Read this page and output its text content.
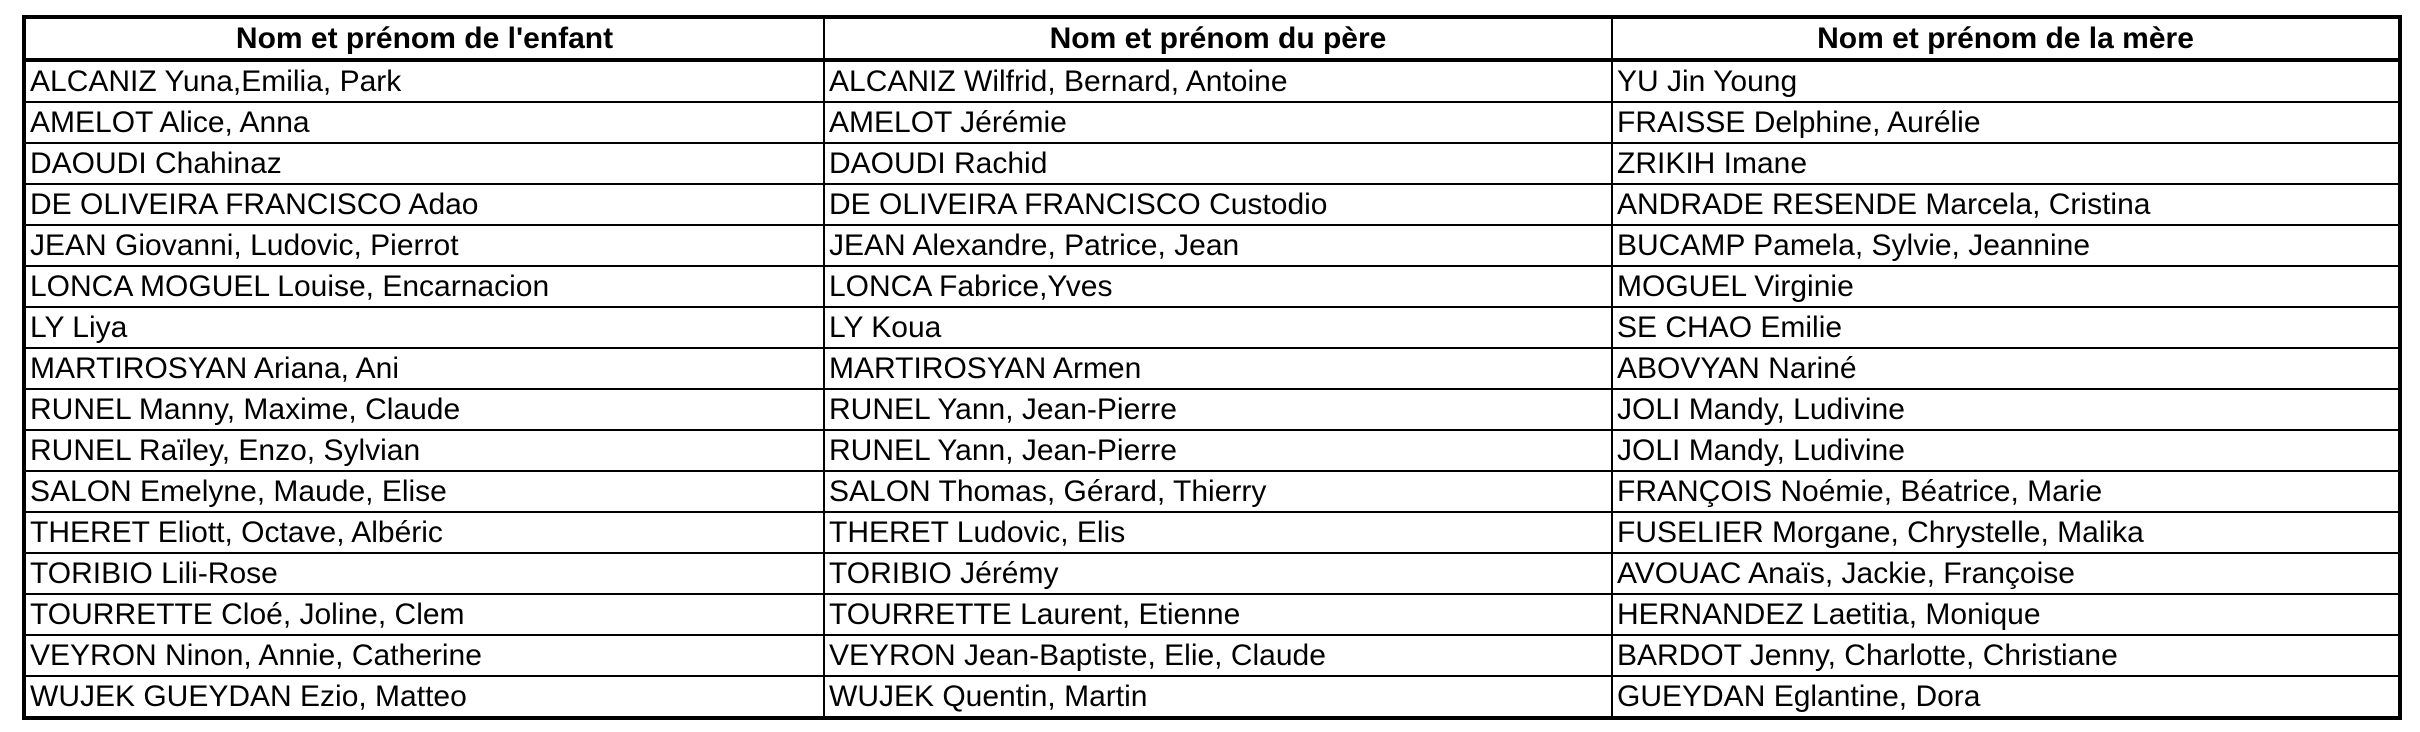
Nom et prénom de l'enfant	Nom et prénom du père	Nom et prénom de la mère
ALCANIZ Yuna,Emilia, Park	ALCANIZ Wilfrid, Bernard, Antoine	YU Jin Young
AMELOT Alice, Anna	AMELOT Jérémie	FRAISSE Delphine, Aurélie
DAOUDI Chahinaz	DAOUDI Rachid	ZRIKIH Imane
DE OLIVEIRA FRANCISCO Adao	DE OLIVEIRA FRANCISCO Custodio	ANDRADE RESENDE Marcela, Cristina
JEAN Giovanni, Ludovic, Pierrot	JEAN Alexandre, Patrice, Jean	BUCAMP Pamela, Sylvie, Jeannine
LONCA MOGUEL Louise, Encarnacion	LONCA Fabrice,Yves	MOGUEL Virginie
LY Liya	LY Koua	SE CHAO Emilie
MARTIROSYAN Ariana, Ani	MARTIROSYAN Armen	ABOVYAN Nariné
RUNEL Manny, Maxime, Claude	RUNEL Yann, Jean-Pierre	JOLI Mandy, Ludivine
RUNEL Raïley, Enzo, Sylvian	RUNEL Yann, Jean-Pierre	JOLI Mandy, Ludivine
SALON Emelyne, Maude, Elise	SALON Thomas, Gérard, Thierry	FRANÇOIS Noémie, Béatrice, Marie
THERET Eliott, Octave, Albéric	THERET Ludovic, Elis	FUSELIER Morgane, Chrystelle, Malika
TORIBIO Lili-Rose	TORIBIO Jérémy	AVOUAC Anaïs, Jackie, Françoise
TOURRETTE Cloé, Joline, Clem	TOURRETTE Laurent, Etienne	HERNANDEZ Laetitia, Monique
VEYRON Ninon, Annie, Catherine	VEYRON Jean-Baptiste, Elie, Claude	BARDOT Jenny, Charlotte, Christiane
WUJEK GUEYDAN Ezio, Matteo	WUJEK Quentin, Martin	GUEYDAN Eglantine, Dora
